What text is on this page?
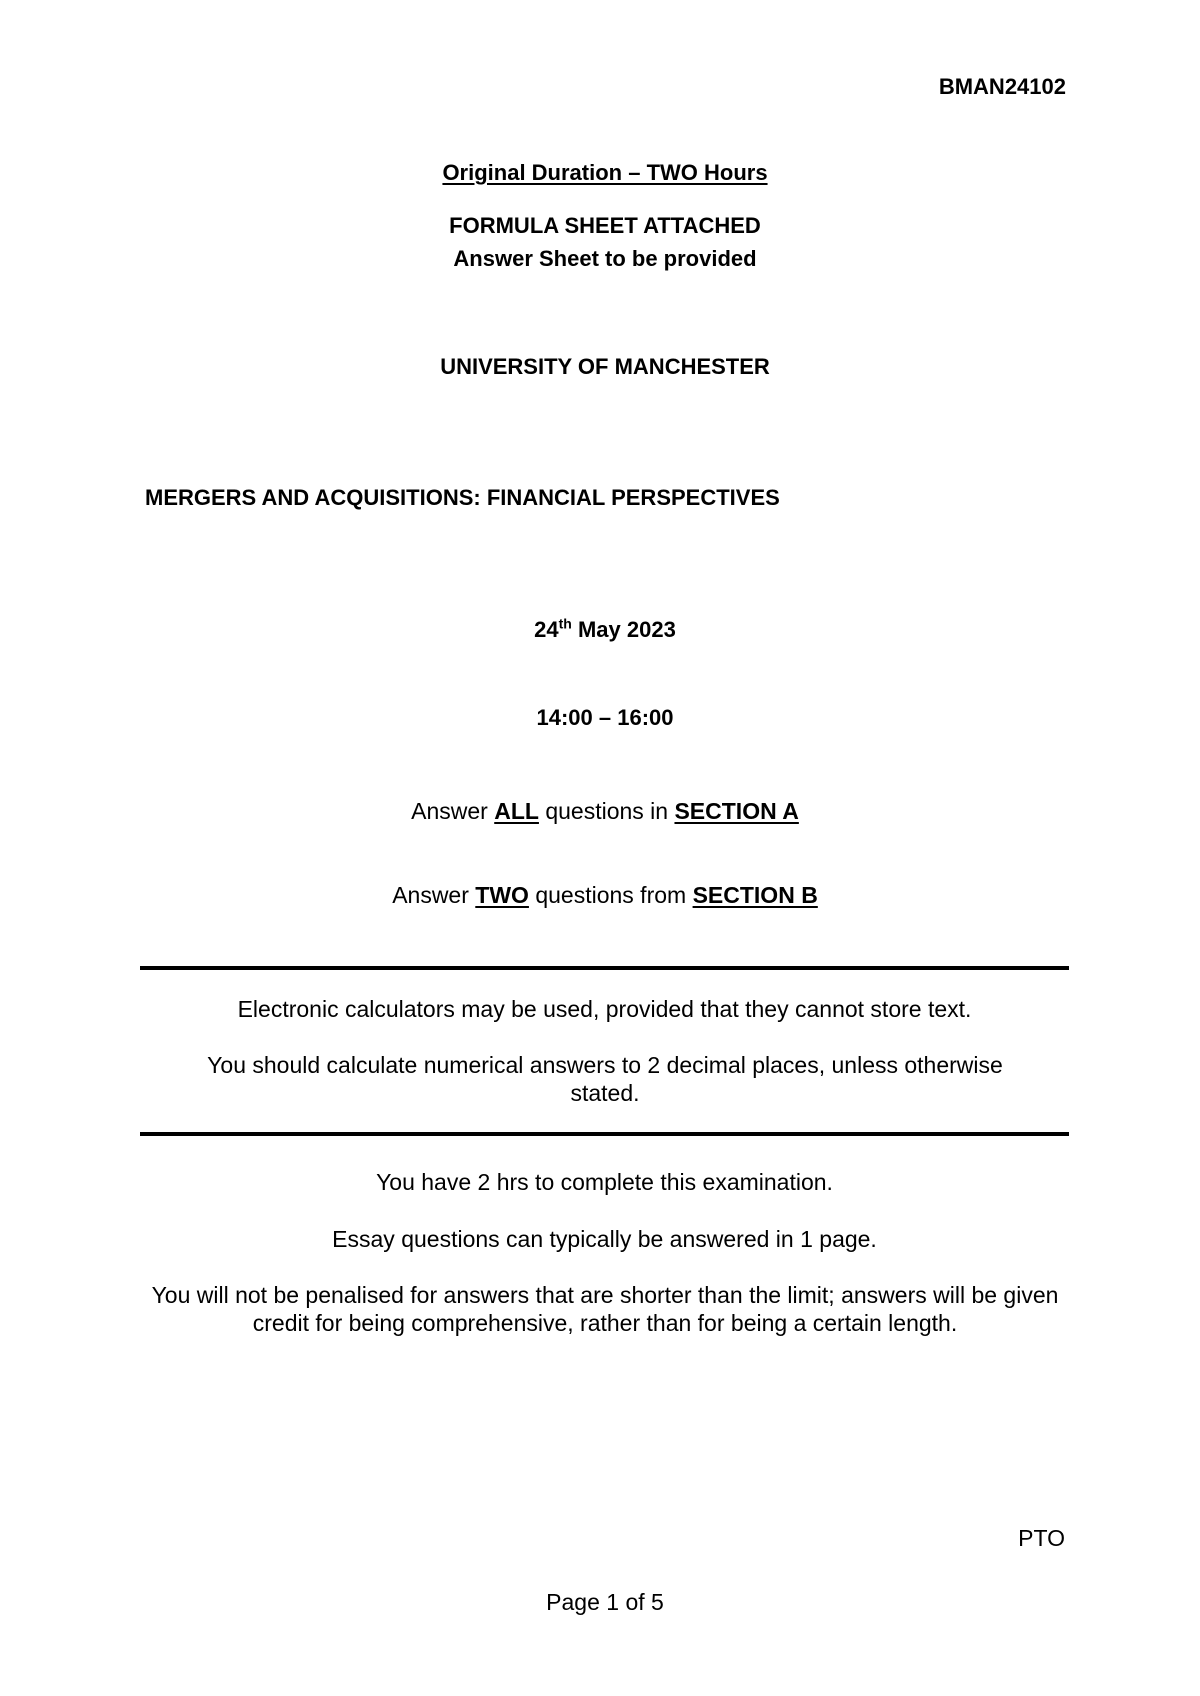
BMAN24102
Original Duration – TWO Hours
FORMULA SHEET ATTACHED
Answer Sheet to be provided
UNIVERSITY OF MANCHESTER
MERGERS AND ACQUISITIONS: FINANCIAL PERSPECTIVES
24th May 2023
14:00 – 16:00
Answer ALL questions in SECTION A
Answer TWO questions from SECTION B
Electronic calculators may be used, provided that they cannot store text.
You should calculate numerical answers to 2 decimal places, unless otherwise stated.
You have 2 hrs to complete this examination.
Essay questions can typically be answered in 1 page.
You will not be penalised for answers that are shorter than the limit; answers will be given credit for being comprehensive, rather than for being a certain length.
PTO
Page 1 of 5
